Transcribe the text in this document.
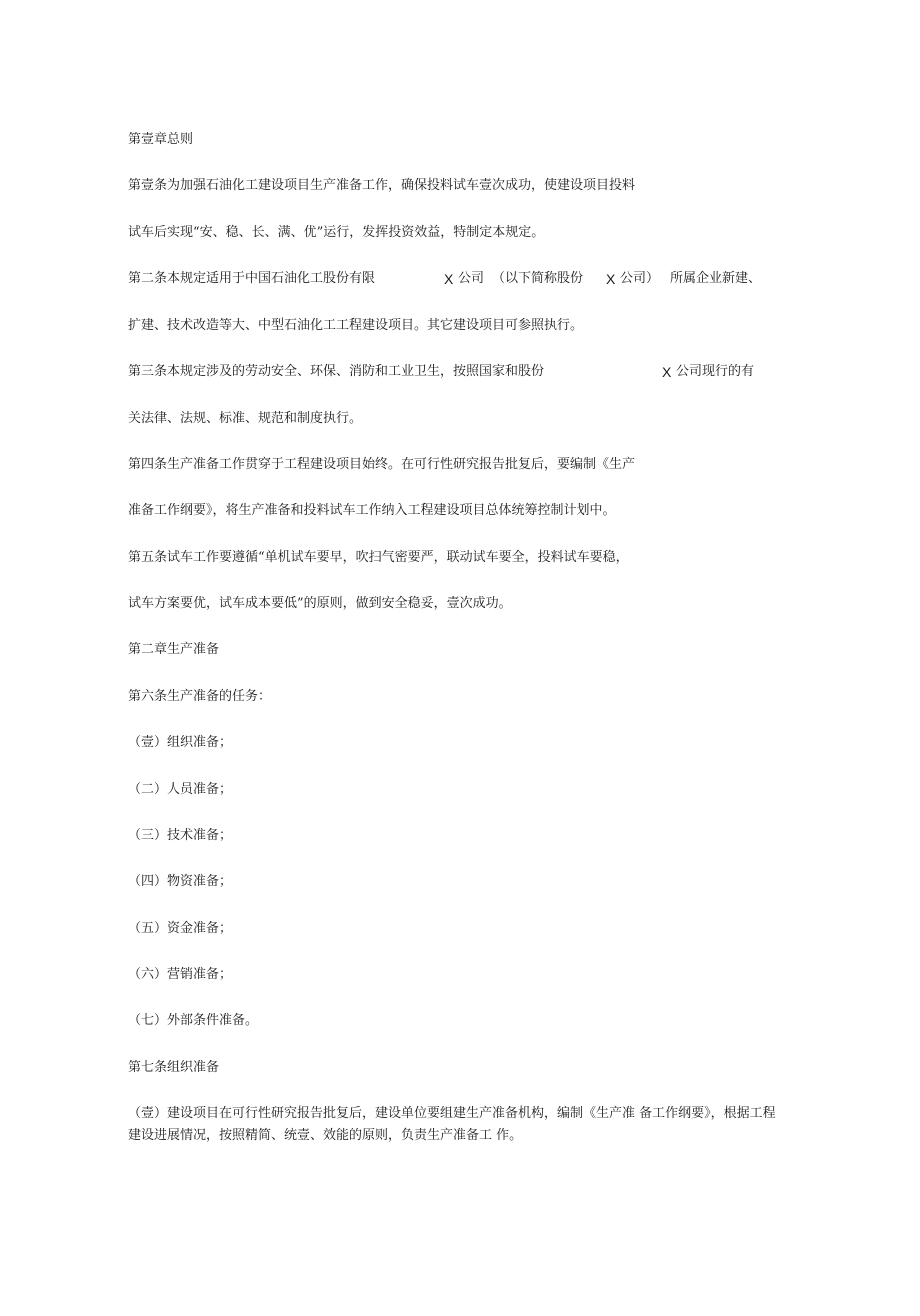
第壹章总则
第壹条为加强石油化工建设项目生产准备工作，确保投料试车壹次成功，使建设项目投料
试车后实现“安、稳、长、满、优”运行，发挥投资效益，特制定本规定。

第二条本规定适用于中国石油化工股份有限

	X

公司

（以下简称股份

X

公司

）

所属企业新建、

扩建、技术改造等大、中型石油化工工程建设项目。其它建设项目可参照执行。

第三条本规定涉及的劳动安全、环保、消防和工业卫生，按照国家和股份

	X

公司现行的有

关法律、法规、标准、规范和制度执行。
第四条生产准备工作贯穿于工程建设项目始终。在可行性研究报告批复后，要编制《生产
准备工作纲要》，将生产准备和投料试车工作纳入工程建设项目总体统筹控制计划中。
第五条试车工作要遵循“单机试车要早，吹扫气密要严，联动试车要全，投料试车要稳，
试车方案要优，试车成本要低”的原则，做到安全稳妥，壹次成功。
第二章生产准备
第六条生产准备的任务：
（壹）组织准备；
（二）人员准备；
（三）技术准备；
（四）物资准备；
（五）资金准备；
（六）营销准备；
（七）外部条件准备。
第七条组织准备
（壹）建设项目在可行性研究报告批复后，建设单位要组建生产准备机构，编制《生产准 备工作纲要》，根据工程建设进展情况，按照精简、统壹、效能的原则，负责生产准备工 作。
